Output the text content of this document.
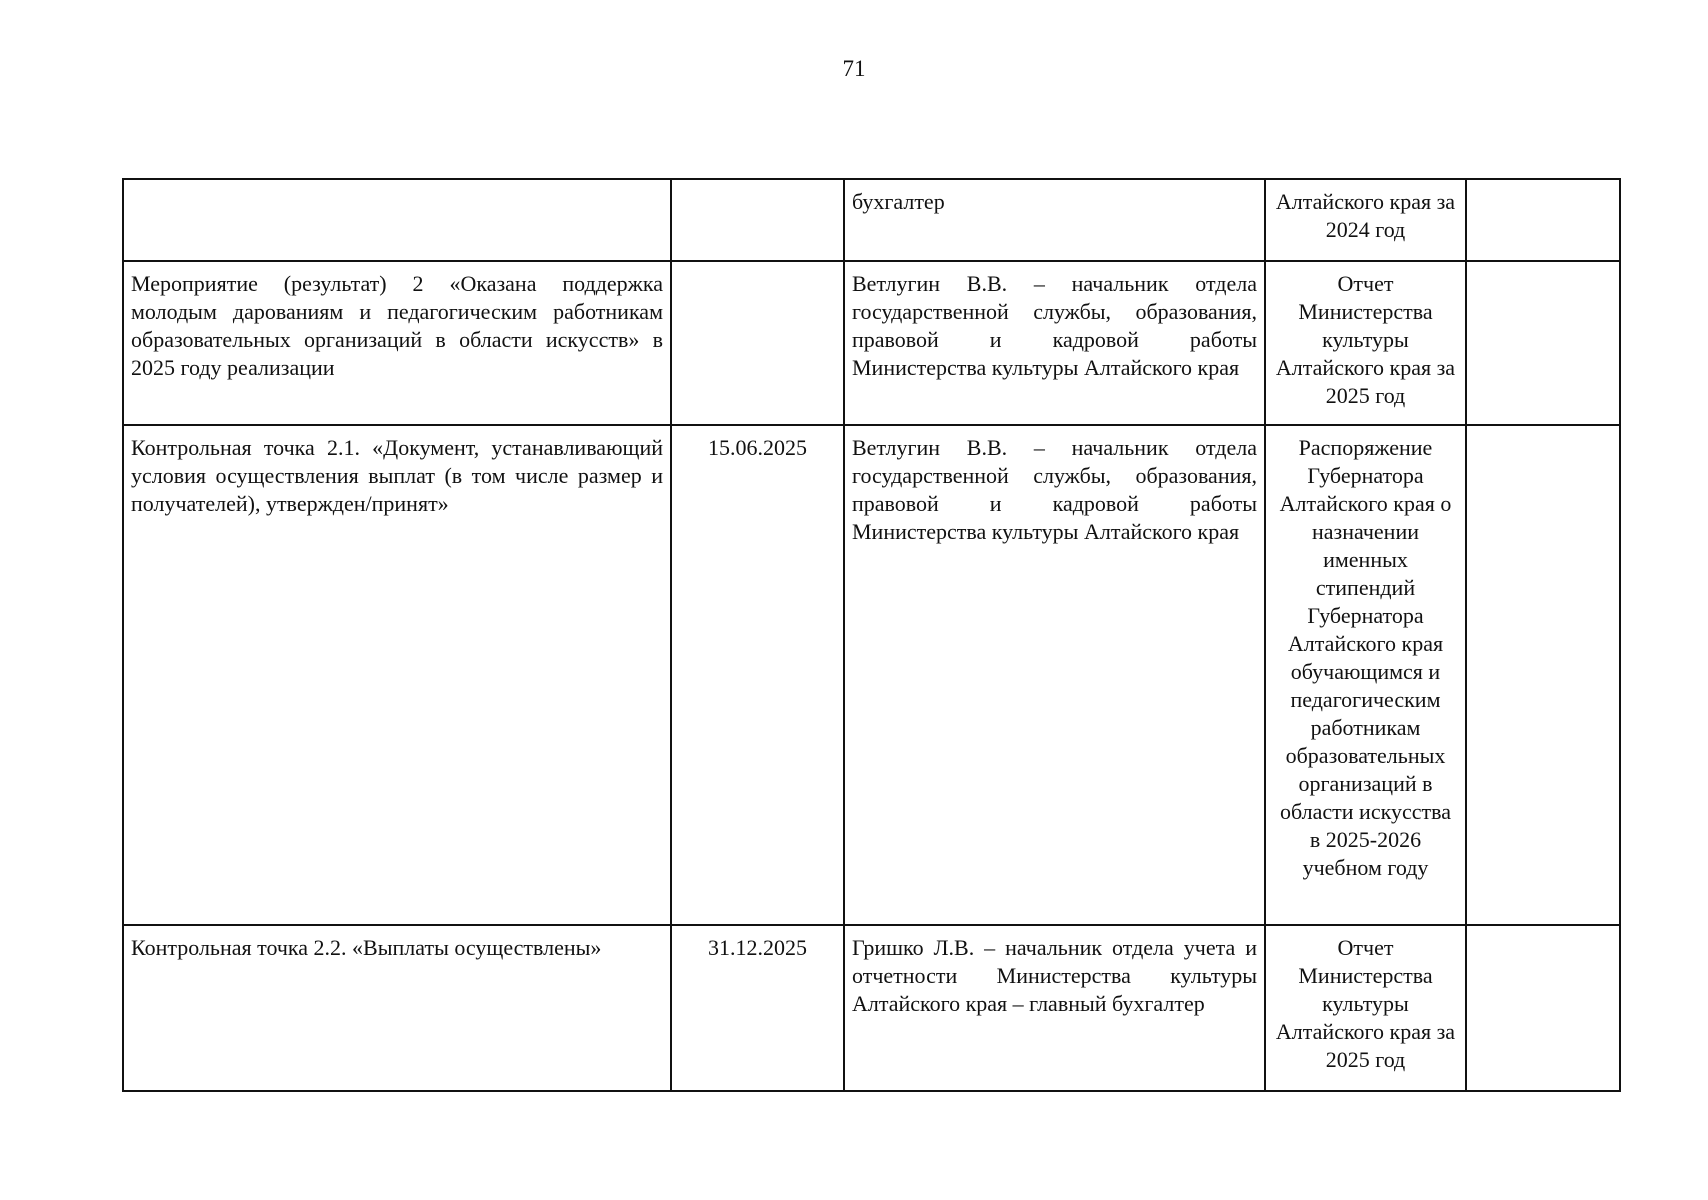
71
		бухгалтер	Алтайского края за 2024 год	
Мероприятие (результат) 2 «Оказана поддержка молодым дарованиям и педагогическим работникам образовательных организаций в области искусств» в 2025 году реализации		Ветлугин В.В. – начальник отдела государственной службы, образования, правовой и кадровой работы Министерства культуры Алтайского края	Отчет Министерства культуры Алтайского края за 2025 год	
Контрольная точка 2.1. «Документ, устанавливающий условия осуществления выплат (в том числе размер и получателей), утвержден/принят»	15.06.2025	Ветлугин В.В. – начальник отдела государственной службы, образования, правовой и кадровой работы Министерства культуры Алтайского края	Распоряжение Губернатора Алтайского края о назначении именных стипендий Губернатора Алтайского края обучающимся и педагогическим работникам образовательных организаций в области искусства в 2025-2026 учебном году	
Контрольная точка 2.2. «Выплаты осуществлены»	31.12.2025	Гришко Л.В. – начальник отдела учета и отчетности Министерства культуры Алтайского края – главный бухгалтер	Отчет Министерства культуры Алтайского края за 2025 год	
